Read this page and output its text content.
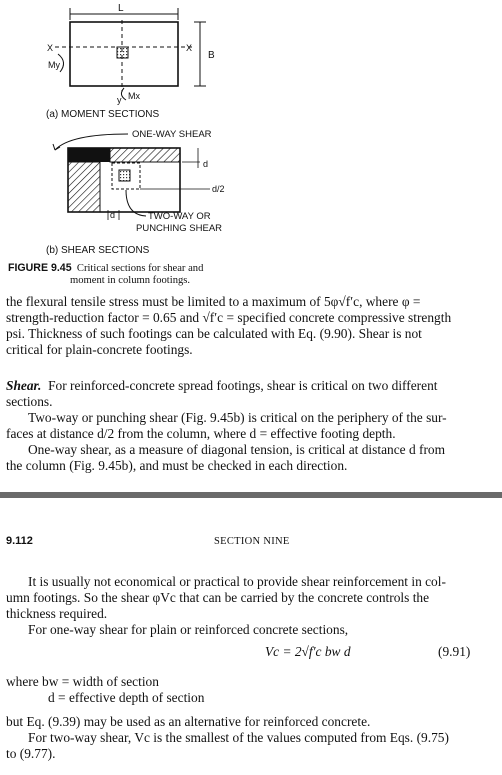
L
X	X
B
My
y Mx
(a) MOMENT SECTIONS
ONE-WAY SHEAR
d
d/2
d	TWO-WAY OR
PUNCHING SHEAR
(b) SHEAR SECTIONS
FIGURE 9.45 Critical sections for shear and
moment in column footings.
the flexural tensile stress must be limited to a maximum of 5φ√f′c, where φ =
strength-reduction factor = 0.65 and √f′c = specified concrete compressive strength
psi. Thickness of such footings can be calculated with Eq. (9.90). Shear is not
critical for plain-concrete footings.
Shear. For reinforced-concrete spread footings, shear is critical on two different
sections.
Two-way or punching shear (Fig. 9.45b) is critical on the periphery of the sur-
faces at distance d/2 from the column, where d = effective footing depth.
One-way shear, as a measure of diagonal tension, is critical at distance d from
the column (Fig. 9.45b), and must be checked in each direction.
9.112	SECTION NINE
It is usually not economical or practical to provide shear reinforcement in col-
umn footings. So the shear φVc that can be carried by the concrete controls the
thickness required.
For one-way shear for plain or reinforced concrete sections,
Vc = 2√f′c bw d	(9.91)
where bw = width of section
d = effective depth of section
but Eq. (9.39) may be used as an alternative for reinforced concrete.
For two-way shear, Vc is the smallest of the values computed from Eqs. (9.75)
to (9.77).
